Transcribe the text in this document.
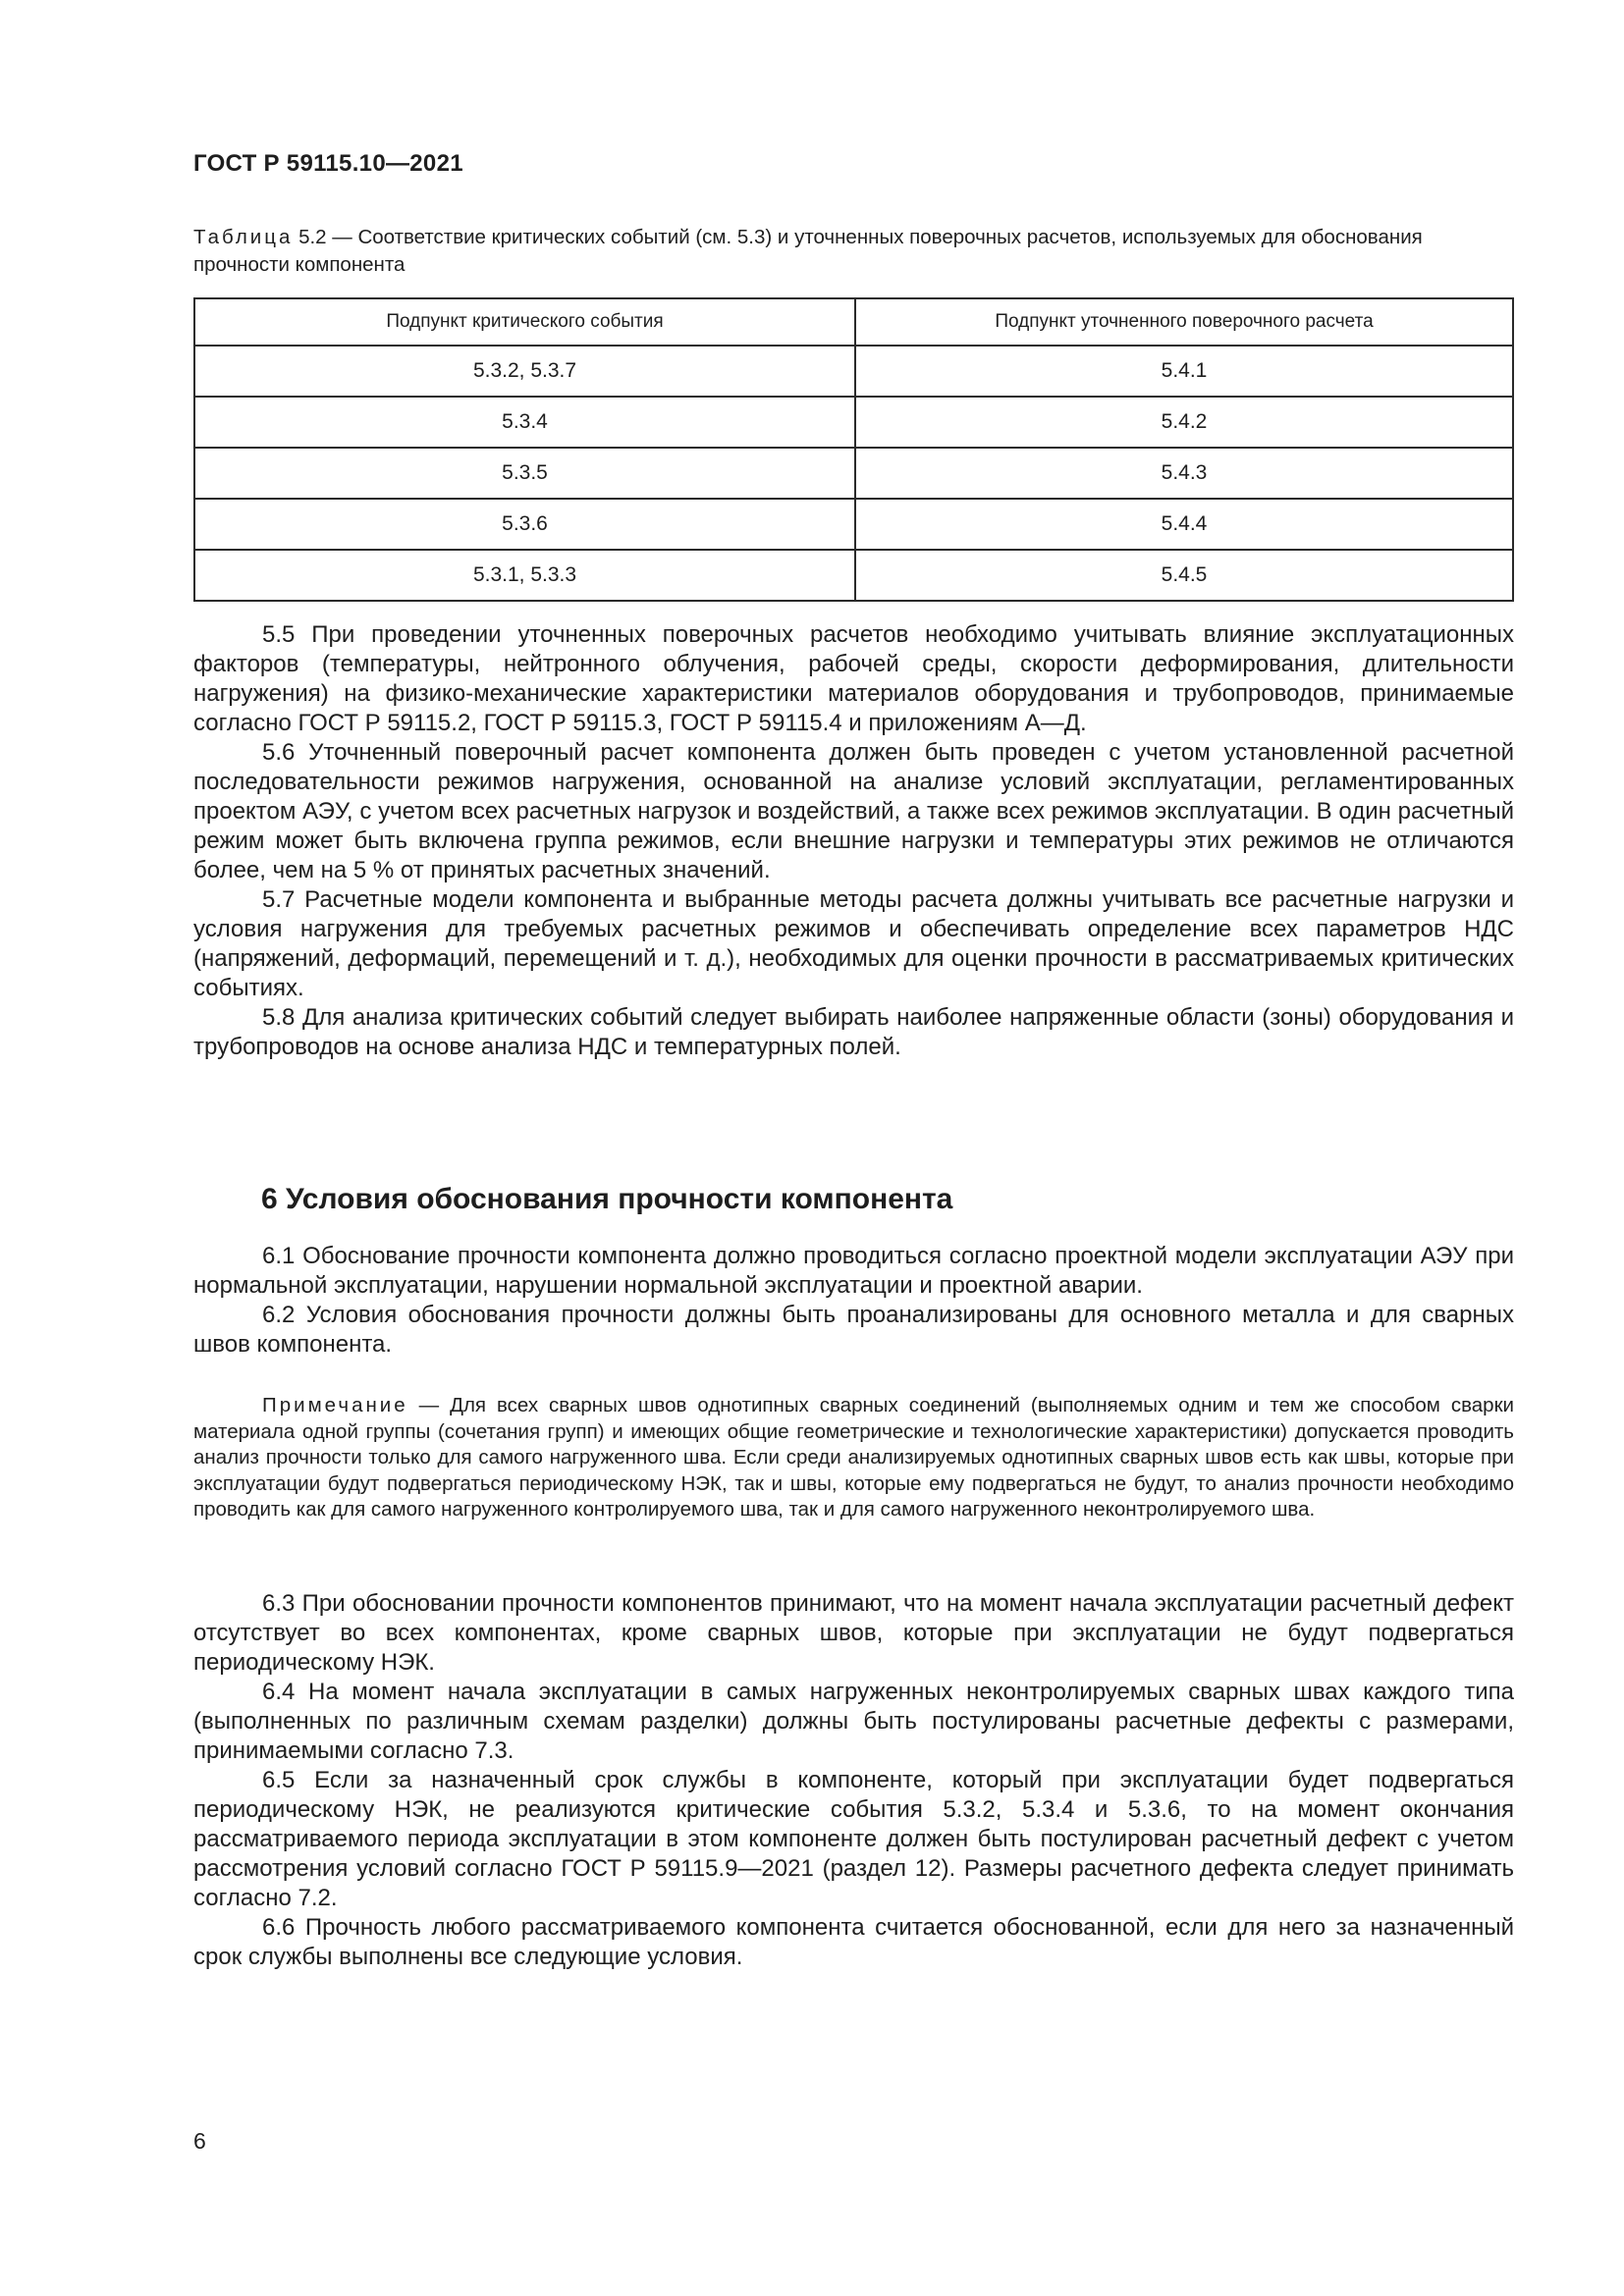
ГОСТ Р 59115.10—2021
Таблица 5.2 — Соответствие критических событий (см. 5.3) и уточненных поверочных расчетов, используемых для обоснования прочности компонента
Подпункт критического события	Подпункт уточненного поверочного расчета
5.3.2, 5.3.7	5.4.1
5.3.4	5.4.2
5.3.5	5.4.3
5.3.6	5.4.4
5.3.1, 5.3.3	5.4.5

5.5 При проведении уточненных поверочных расчетов необходимо учитывать влияние эксплуатационных факторов (температуры, нейтронного облучения, рабочей среды, скорости деформирования, длительности нагружения) на физико-механические характеристики материалов оборудования и трубопроводов, принимаемые согласно ГОСТ Р 59115.2, ГОСТ Р 59115.3, ГОСТ Р 59115.4 и приложениям А—Д.

5.6 Уточненный поверочный расчет компонента должен быть проведен с учетом установленной расчетной последовательности режимов нагружения, основанной на анализе условий эксплуатации, регламентированных проектом АЭУ, с учетом всех расчетных нагрузок и воздействий, а также всех режимов эксплуатации. В один расчетный режим может быть включена группа режимов, если внешние нагрузки и температуры этих режимов не отличаются более, чем на 5 % от принятых расчетных значений.

5.7 Расчетные модели компонента и выбранные методы расчета должны учитывать все расчетные нагрузки и условия нагружения для требуемых расчетных режимов и обеспечивать определение всех параметров НДС (напряжений, деформаций, перемещений и т. д.), необходимых для оценки прочности в рассматриваемых критических событиях.

5.8 Для анализа критических событий следует выбирать наиболее напряженные области (зоны) оборудования и трубопроводов на основе анализа НДС и температурных полей.

6 Условия обоснования прочности компонента

6.1 Обоснование прочности компонента должно проводиться согласно проектной модели эксплуатации АЭУ при нормальной эксплуатации, нарушении нормальной эксплуатации и проектной аварии.

6.2 Условия обоснования прочности должны быть проанализированы для основного металла и для сварных швов компонента.

Примечание — Для всех сварных швов однотипных сварных соединений (выполняемых одним и тем же способом сварки материала одной группы (сочетания групп) и имеющих общие геометрические и технологические характеристики) допускается проводить анализ прочности только для самого нагруженного шва. Если среди анализируемых однотипных сварных швов есть как швы, которые при эксплуатации будут подвергаться периодическому НЭК, так и швы, которые ему подвергаться не будут, то анализ прочности необходимо проводить как для самого нагруженного контролируемого шва, так и для самого нагруженного неконтролируемого шва.

6.3 При обосновании прочности компонентов принимают, что на момент начала эксплуатации расчетный дефект отсутствует во всех компонентах, кроме сварных швов, которые при эксплуатации не будут подвергаться периодическому НЭК.

6.4 На момент начала эксплуатации в самых нагруженных неконтролируемых сварных швах каждого типа (выполненных по различным схемам разделки) должны быть постулированы расчетные дефекты с размерами, принимаемыми согласно 7.3.

6.5 Если за назначенный срок службы в компоненте, который при эксплуатации будет подвергаться периодическому НЭК, не реализуются критические события 5.3.2, 5.3.4 и 5.3.6, то на момент окончания рассматриваемого периода эксплуатации в этом компоненте должен быть постулирован расчетный дефект с учетом рассмотрения условий согласно ГОСТ Р 59115.9—2021 (раздел 12). Размеры расчетного дефекта следует принимать согласно 7.2.

6.6 Прочность любого рассматриваемого компонента считается обоснованной, если для него за назначенный срок службы выполнены все следующие условия.

6
